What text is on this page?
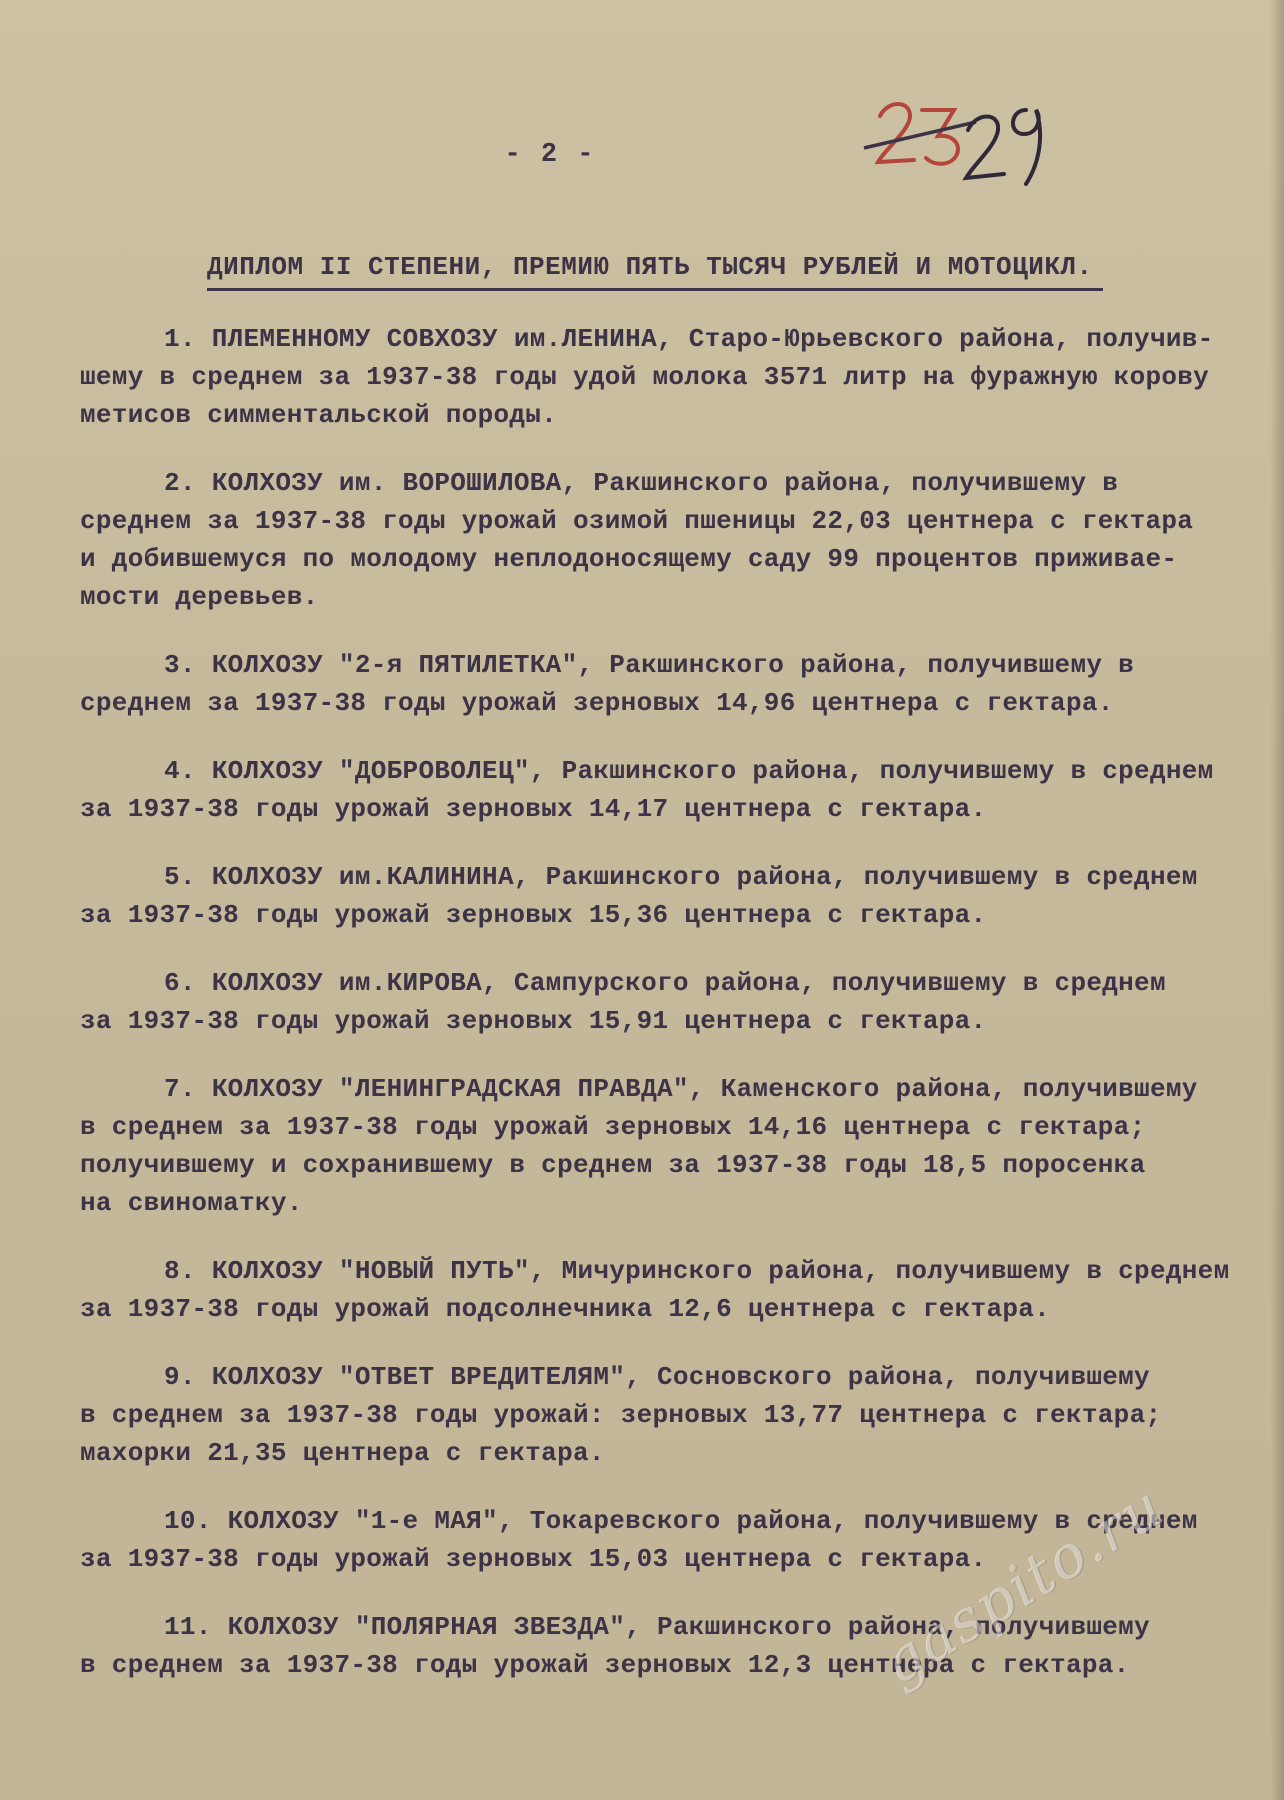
- 2 -
ДИПЛОМ II СТЕПЕНИ, ПРЕМИЮ ПЯТЬ ТЫСЯЧ РУБЛЕЙ И МОТОЦИКЛ.
1. ПЛЕМЕННОМУ СОВХОЗУ им.ЛЕНИНА, Старо-Юрьевского района, получив-
шему в среднем за 1937-38 годы удой молока 3571 литр на фуражную корову
метисов симментальской породы.
2. КОЛХОЗУ им. ВОРОШИЛОВА, Ракшинского района, получившему в
среднем за 1937-38 годы урожай озимой пшеницы 22,03 центнера с гектара
и добившемуся по молодому неплодоносящему саду 99 процентов приживае-
мости деревьев.
3. КОЛХОЗУ "2-я ПЯТИЛЕТКА", Ракшинского района, получившему в
среднем за 1937-38 годы урожай зерновых 14,96 центнера с гектара.
4. КОЛХОЗУ "ДОБРОВОЛЕЦ", Ракшинского района, получившему в среднем
за 1937-38 годы урожай зерновых 14,17 центнера с гектара.
5. КОЛХОЗУ им.КАЛИНИНА, Ракшинского района, получившему в среднем
за 1937-38 годы урожай зерновых 15,36 центнера с гектара.
6. КОЛХОЗУ им.КИРОВА, Сампурского района, получившему в среднем
за 1937-38 годы урожай зерновых 15,91 центнера с гектара.
7. КОЛХОЗУ "ЛЕНИНГРАДСКАЯ ПРАВДА", Каменского района, получившему
в среднем за 1937-38 годы урожай зерновых 14,16 центнера с гектара;
получившему и сохранившему в среднем за 1937-38 годы 18,5 поросенка
на свиноматку.
8. КОЛХОЗУ "НОВЫЙ ПУТЬ", Мичуринского района, получившему в среднем
за 1937-38 годы урожай подсолнечника 12,6 центнера с гектара.
9. КОЛХОЗУ "ОТВЕТ ВРЕДИТЕЛЯМ", Сосновского района, получившему
в среднем за 1937-38 годы урожай: зерновых 13,77 центнера с гектара;
махорки 21,35 центнера с гектара.
10. КОЛХОЗУ "1-е МАЯ", Токаревского района, получившему в среднем
за 1937-38 годы урожай зерновых 15,03 центнера с гектара.
11. КОЛХОЗУ "ПОЛЯРНАЯ ЗВЕЗДА", Ракшинского района, получившему
в среднем за 1937-38 годы урожай зерновых 12,3 центнера с гектара.
gaspito.ru
